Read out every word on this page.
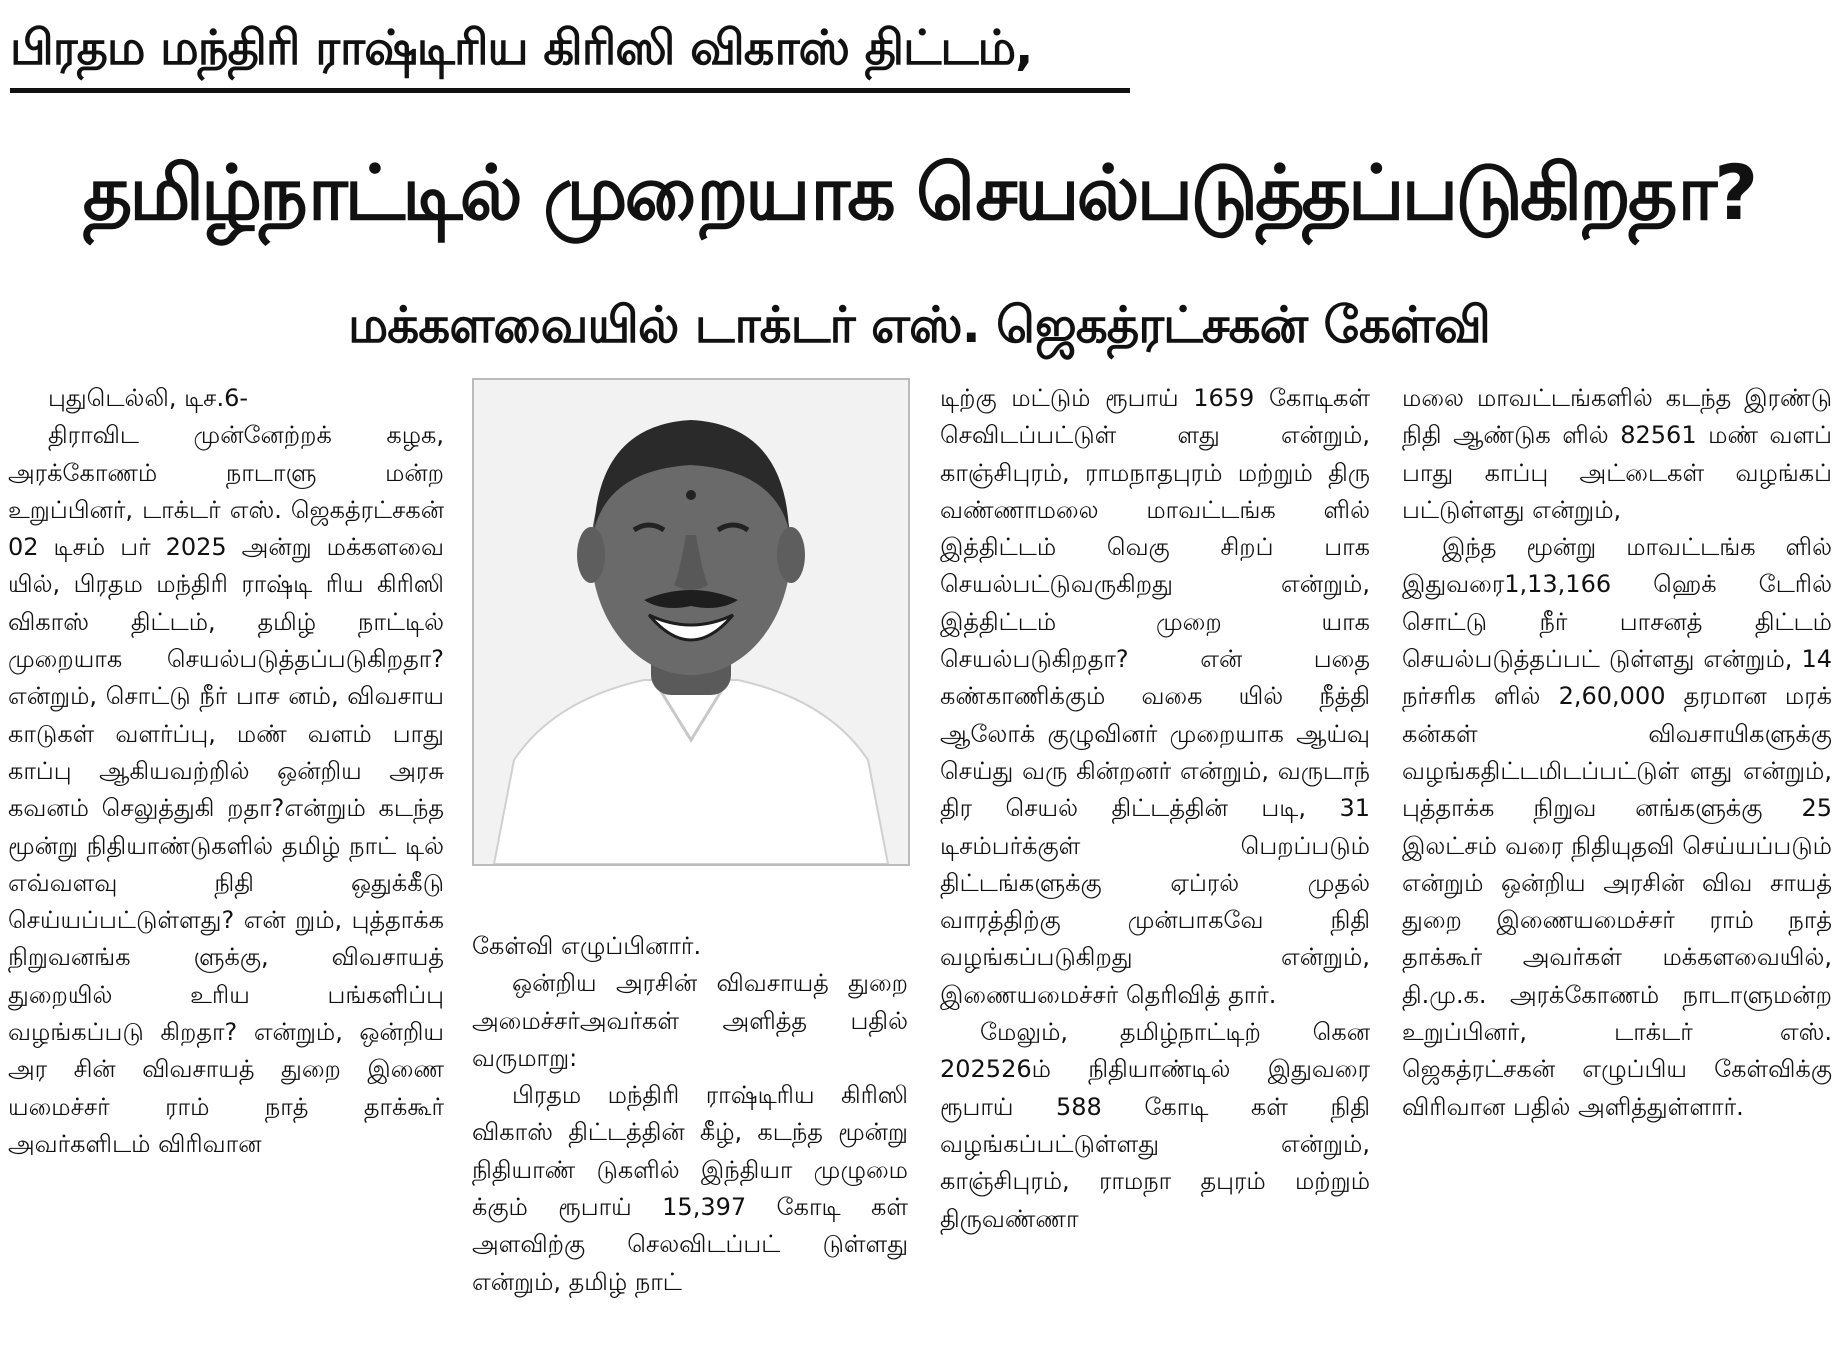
பிரதம மந்திரி ராஷ்டிரிய கிரிஸி விகாஸ் திட்டம்,
தமிழ்நாட்டில் முறையாக செயல்படுத்தப்படுகிறதா?
மக்களவையில் டாக்டர் எஸ். ஜெகத்ரட்சகன் கேள்வி

புதுடெல்லி, டிச.6-

திராவிட முன்னேற்றக் கழக, அரக்கோணம் நாடாளு மன்ற உறுப்பினர், டாக்டர் எஸ். ஜெகத்ரட்சகன் 02 டிசம் பர் 2025 அன்று மக்களவை யில், பிரதம மந்திரி ராஷ்டி ரிய கிரிஸி விகாஸ் திட்டம், தமிழ் நாட்டில் முறையாக செயல்படுத்தப்படுகிறதா? என்றும், சொட்டு நீர் பாச னம், விவசாய காடுகள் வளர்ப்பு, மண் வளம் பாது காப்பு ஆகியவற்றில் ஒன்றிய அரசு கவனம் செலுத்துகி றதா?என்றும் கடந்த மூன்று நிதியாண்டுகளில் தமிழ் நாட் டில் எவ்வளவு நிதி ஒதுக்கீடு செய்யப்பட்டுள்ளது? என் றும், புத்தாக்க நிறுவனங்க ளுக்கு, விவசாயத் துறையில் உரிய பங்களிப்பு வழங்கப்படு கிறதா? என்றும், ஒன்றிய அர சின் விவசாயத் துறை இணை யமைச்சர் ராம் நாத் தாக்கூர் அவர்களிடம் விரிவான

கேள்வி எழுப்பினார்.

ஒன்றிய அரசின் விவசாயத் துறை அமைச்சர்அவர்கள் அளித்த பதில் வருமாறு:

பிரதம மந்திரி ராஷ்டிரிய கிரிஸி விகாஸ் திட்டத்தின் கீழ், கடந்த மூன்று நிதியாண் டுகளில் இந்தியா முழுமை க்கும் ரூபாய் 15,397 கோடி கள் அளவிற்கு செலவிடப்பட் டுள்ளது என்றும், தமிழ் நாட்

டிற்கு மட்டும் ரூபாய் 1659 கோடிகள் செவிடப்பட்டுள் ளது என்றும், காஞ்சிபுரம், ராமநாதபுரம் மற்றும் திரு வண்ணாமலை மாவட்டங்க ளில் இத்திட்டம் வெகு சிறப் பாக செயல்பட்டுவருகிறது என்றும், இத்திட்டம் முறை யாக செயல்படுகிறதா? என் பதை கண்காணிக்கும் வகை யில் நீத்தி ஆலோக் குழுவினர் முறையாக ஆய்வு செய்து வரு கின்றனர் என்றும், வருடாந் திர செயல் திட்டத்தின் படி, 31 டிசம்பர்க்குள் பெறப்படும் திட்டங்களுக்கு ஏப்ரல் முதல் வாரத்திற்கு முன்பாகவே நிதி வழங்கப்படுகிறது என்றும், இணையமைச்சர் தெரிவித் தார்.

மேலும், தமிழ்நாட்டிற் கென 202526ம் நிதியாண்டில் இதுவரை ரூபாய் 588 கோடி கள் நிதி வழங்கப்பட்டுள்ளது என்றும், காஞ்சிபுரம், ராமநா தபுரம் மற்றும் திருவண்ணா

மலை மாவட்டங்களில் கடந்த இரண்டு நிதி ஆண்டுக ளில் 82561 மண் வளப் பாது காப்பு அட்டைகள் வழங்கப் பட்டுள்ளது என்றும்,

இந்த மூன்று மாவட்டங்க ளில் இதுவரை1,13,166 ஹெக் டேரில் சொட்டு நீர் பாசனத் திட்டம் செயல்படுத்தப்பட் டுள்ளது என்றும், 14 நர்சரிக ளில் 2,60,000 தரமான மரக் கன்கள் விவசாயிகளுக்கு வழங்கதிட்டமிடப்பட்டுள் ளது என்றும், புத்தாக்க நிறுவ னங்களுக்கு 25 இலட்சம் வரை நிதியுதவி செய்யப்படும் என்றும் ஒன்றிய அரசின் விவ சாயத் துறை இணையமைச்சர் ராம் நாத் தாக்கூர் அவர்கள் மக்களவையில், தி.மு.க. அரக்கோணம் நாடாளுமன்ற உறுப்பினர், டாக்டர் எஸ். ஜெகத்ரட்சகன் எழுப்பிய கேள்விக்கு விரிவான பதில் அளித்துள்ளார்.
